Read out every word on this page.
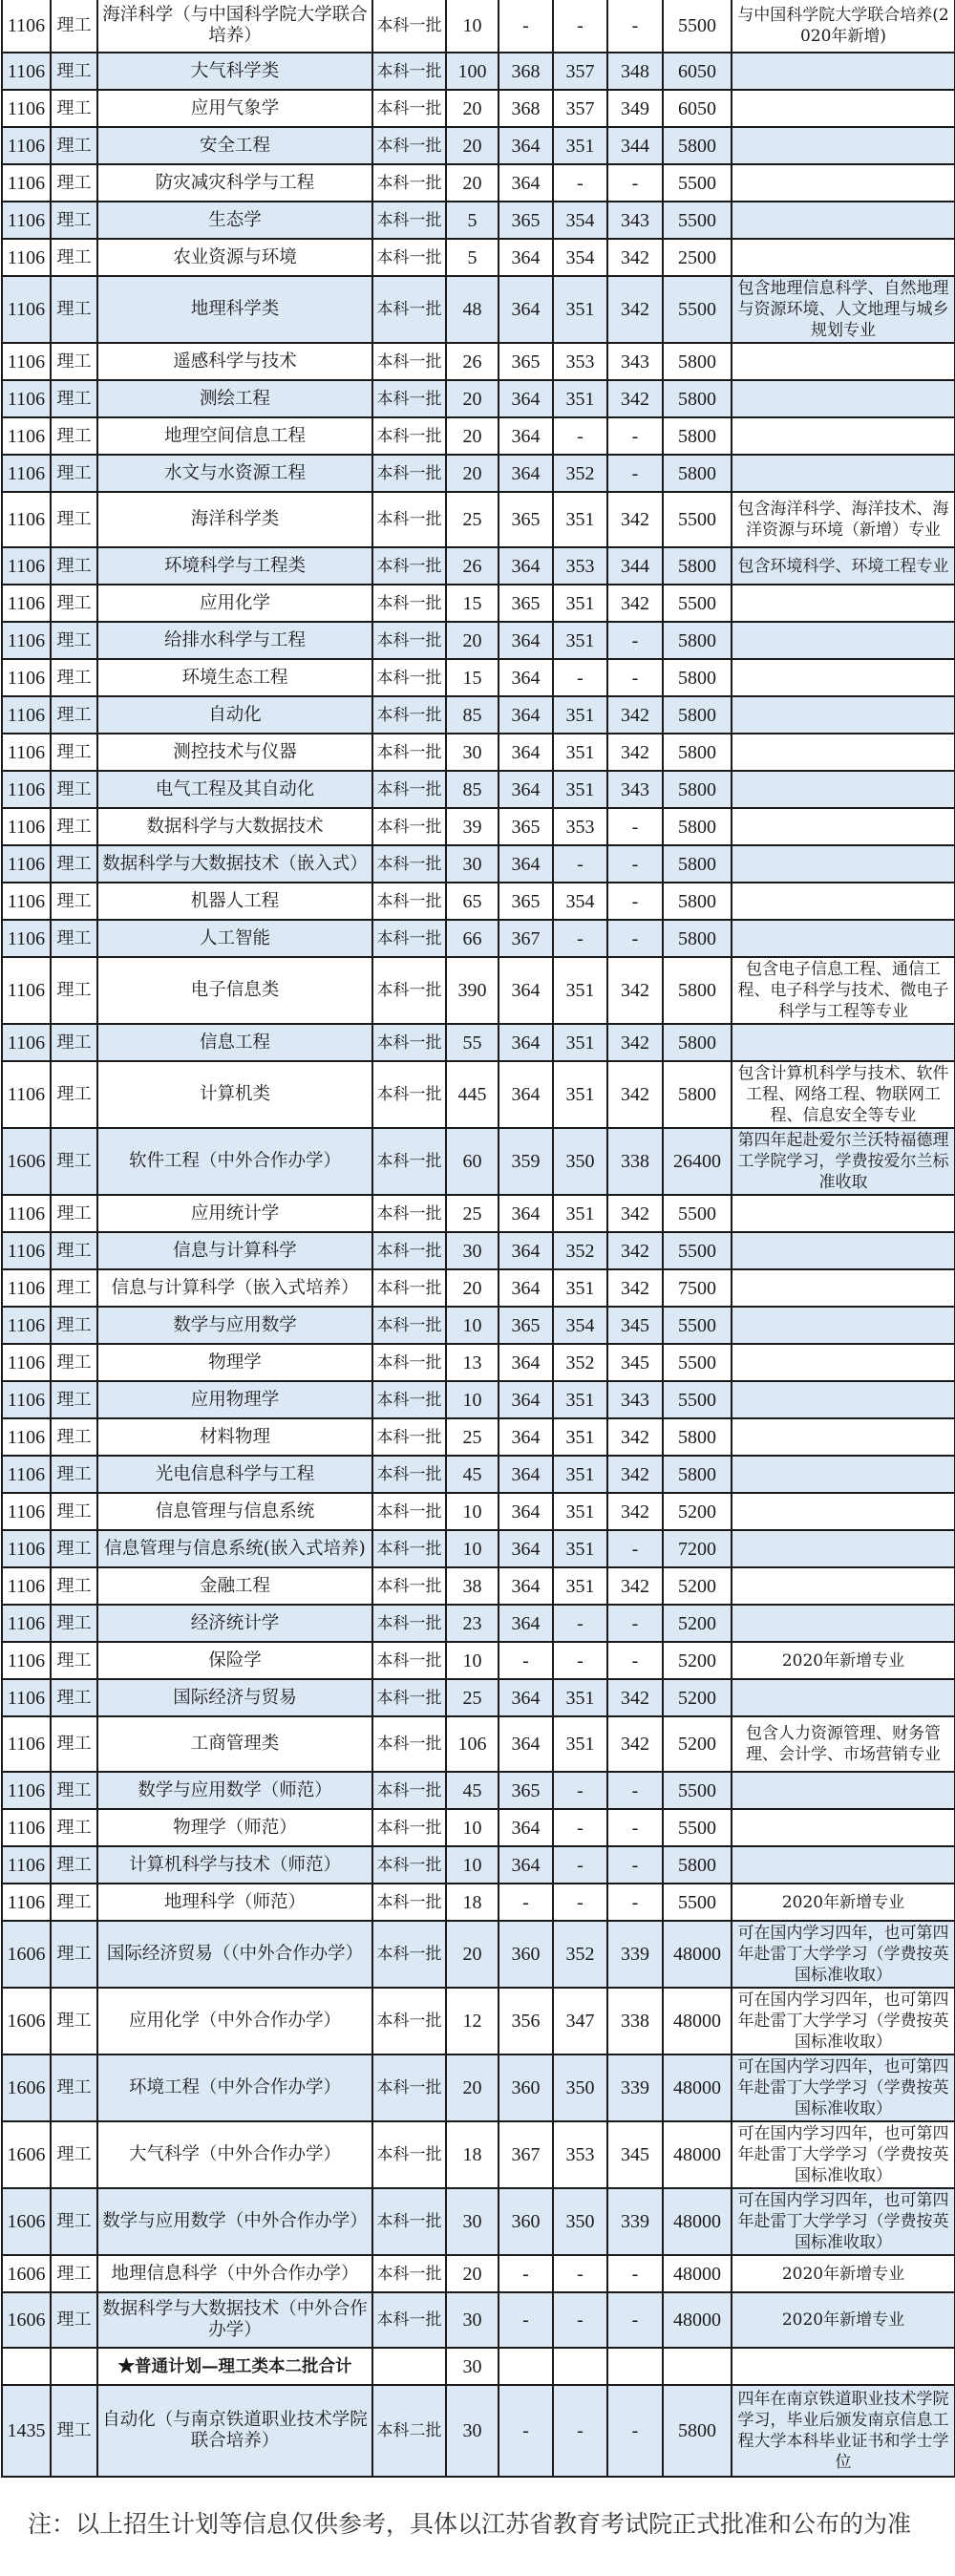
1106	理工	海洋科学（与中国科学院大学联合培养）	本科一批	10	-	-	-	5500	与中国科学院大学联合培养(2020年新增)
1106	理工	大气科学类	本科一批	100	368	357	348	6050	
1106	理工	应用气象学	本科一批	20	368	357	349	6050	
1106	理工	安全工程	本科一批	20	364	351	344	5800	
1106	理工	防灾减灾科学与工程	本科一批	20	364	-	-	5500	
1106	理工	生态学	本科一批	5	365	354	343	5500	
1106	理工	农业资源与环境	本科一批	5	364	354	342	2500	
1106	理工	地理科学类	本科一批	48	364	351	342	5500	包含地理信息科学、自然地理与资源环境、人文地理与城乡规划专业
1106	理工	遥感科学与技术	本科一批	26	365	353	343	5800	
1106	理工	测绘工程	本科一批	20	364	351	342	5800	
1106	理工	地理空间信息工程	本科一批	20	364	-	-	5800	
1106	理工	水文与水资源工程	本科一批	20	364	352	-	5800	
1106	理工	海洋科学类	本科一批	25	365	351	342	5500	包含海洋科学、海洋技术、海洋资源与环境（新增）专业
1106	理工	环境科学与工程类	本科一批	26	364	353	344	5800	包含环境科学、环境工程专业
1106	理工	应用化学	本科一批	15	365	351	342	5500	
1106	理工	给排水科学与工程	本科一批	20	364	351	-	5800	
1106	理工	环境生态工程	本科一批	15	364	-	-	5800	
1106	理工	自动化	本科一批	85	364	351	342	5800	
1106	理工	测控技术与仪器	本科一批	30	364	351	342	5800	
1106	理工	电气工程及其自动化	本科一批	85	364	351	343	5800	
1106	理工	数据科学与大数据技术	本科一批	39	365	353	-	5800	
1106	理工	数据科学与大数据技术（嵌入式）	本科一批	30	364	-	-	5800	
1106	理工	机器人工程	本科一批	65	365	354	-	5800	
1106	理工	人工智能	本科一批	66	367	-	-	5800	
1106	理工	电子信息类	本科一批	390	364	351	342	5800	包含电子信息工程、通信工程、电子科学与技术、微电子科学与工程等专业
1106	理工	信息工程	本科一批	55	364	351	342	5800	
1106	理工	计算机类	本科一批	445	364	351	342	5800	包含计算机科学与技术、软件工程、网络工程、物联网工程、信息安全等专业
1606	理工	软件工程（中外合作办学）	本科一批	60	359	350	338	26400	第四年起赴爱尔兰沃特福德理工学院学习，学费按爱尔兰标准收取
1106	理工	应用统计学	本科一批	25	364	351	342	5500	
1106	理工	信息与计算科学	本科一批	30	364	352	342	5500	
1106	理工	信息与计算科学（嵌入式培养）	本科一批	20	364	351	342	7500	
1106	理工	数学与应用数学	本科一批	10	365	354	345	5500	
1106	理工	物理学	本科一批	13	364	352	345	5500	
1106	理工	应用物理学	本科一批	10	364	351	343	5500	
1106	理工	材料物理	本科一批	25	364	351	342	5800	
1106	理工	光电信息科学与工程	本科一批	45	364	351	342	5800	
1106	理工	信息管理与信息系统	本科一批	10	364	351	342	5200	
1106	理工	信息管理与信息系统(嵌入式培养)	本科一批	10	364	351	-	7200	
1106	理工	金融工程	本科一批	38	364	351	342	5200	
1106	理工	经济统计学	本科一批	23	364	-	-	5200	
1106	理工	保险学	本科一批	10	-	-	-	5200	2020年新增专业
1106	理工	国际经济与贸易	本科一批	25	364	351	342	5200	
1106	理工	工商管理类	本科一批	106	364	351	342	5200	包含人力资源管理、财务管理、会计学、市场营销专业
1106	理工	数学与应用数学（师范）	本科一批	45	365	-	-	5500	
1106	理工	物理学（师范）	本科一批	10	364	-	-	5500	
1106	理工	计算机科学与技术（师范）	本科一批	10	364	-	-	5800	
1106	理工	地理科学（师范）	本科一批	18	-	-	-	5500	2020年新增专业
1606	理工	国际经济贸易（（中外合作办学）	本科一批	20	360	352	339	48000	可在国内学习四年，也可第四年赴雷丁大学学习（学费按英国标准收取）
1606	理工	应用化学（中外合作办学）	本科一批	12	356	347	338	48000	可在国内学习四年，也可第四年赴雷丁大学学习（学费按英国标准收取）
1606	理工	环境工程（中外合作办学）	本科一批	20	360	350	339	48000	可在国内学习四年，也可第四年赴雷丁大学学习（学费按英国标准收取）
1606	理工	大气科学（中外合作办学）	本科一批	18	367	353	345	48000	可在国内学习四年，也可第四年赴雷丁大学学习（学费按英国标准收取）
1606	理工	数学与应用数学（中外合作办学）	本科一批	30	360	350	339	48000	可在国内学习四年，也可第四年赴雷丁大学学习（学费按英国标准收取）
1606	理工	地理信息科学（中外合作办学）	本科一批	20	-	-	-	48000	2020年新增专业
1606	理工	数据科学与大数据技术（中外合作办学）	本科一批	30	-	-	-	48000	2020年新增专业
		★普通计划—理工类本二批合计		30					
1435	理工	自动化（与南京铁道职业技术学院联合培养）	本科二批	30	-	-	-	5800	四年在南京铁道职业技术学院学习，毕业后颁发南京信息工程大学本科毕业证书和学士学位
注：以上招生计划等信息仅供参考，具体以江苏省教育考试院正式批准和公布的为准
